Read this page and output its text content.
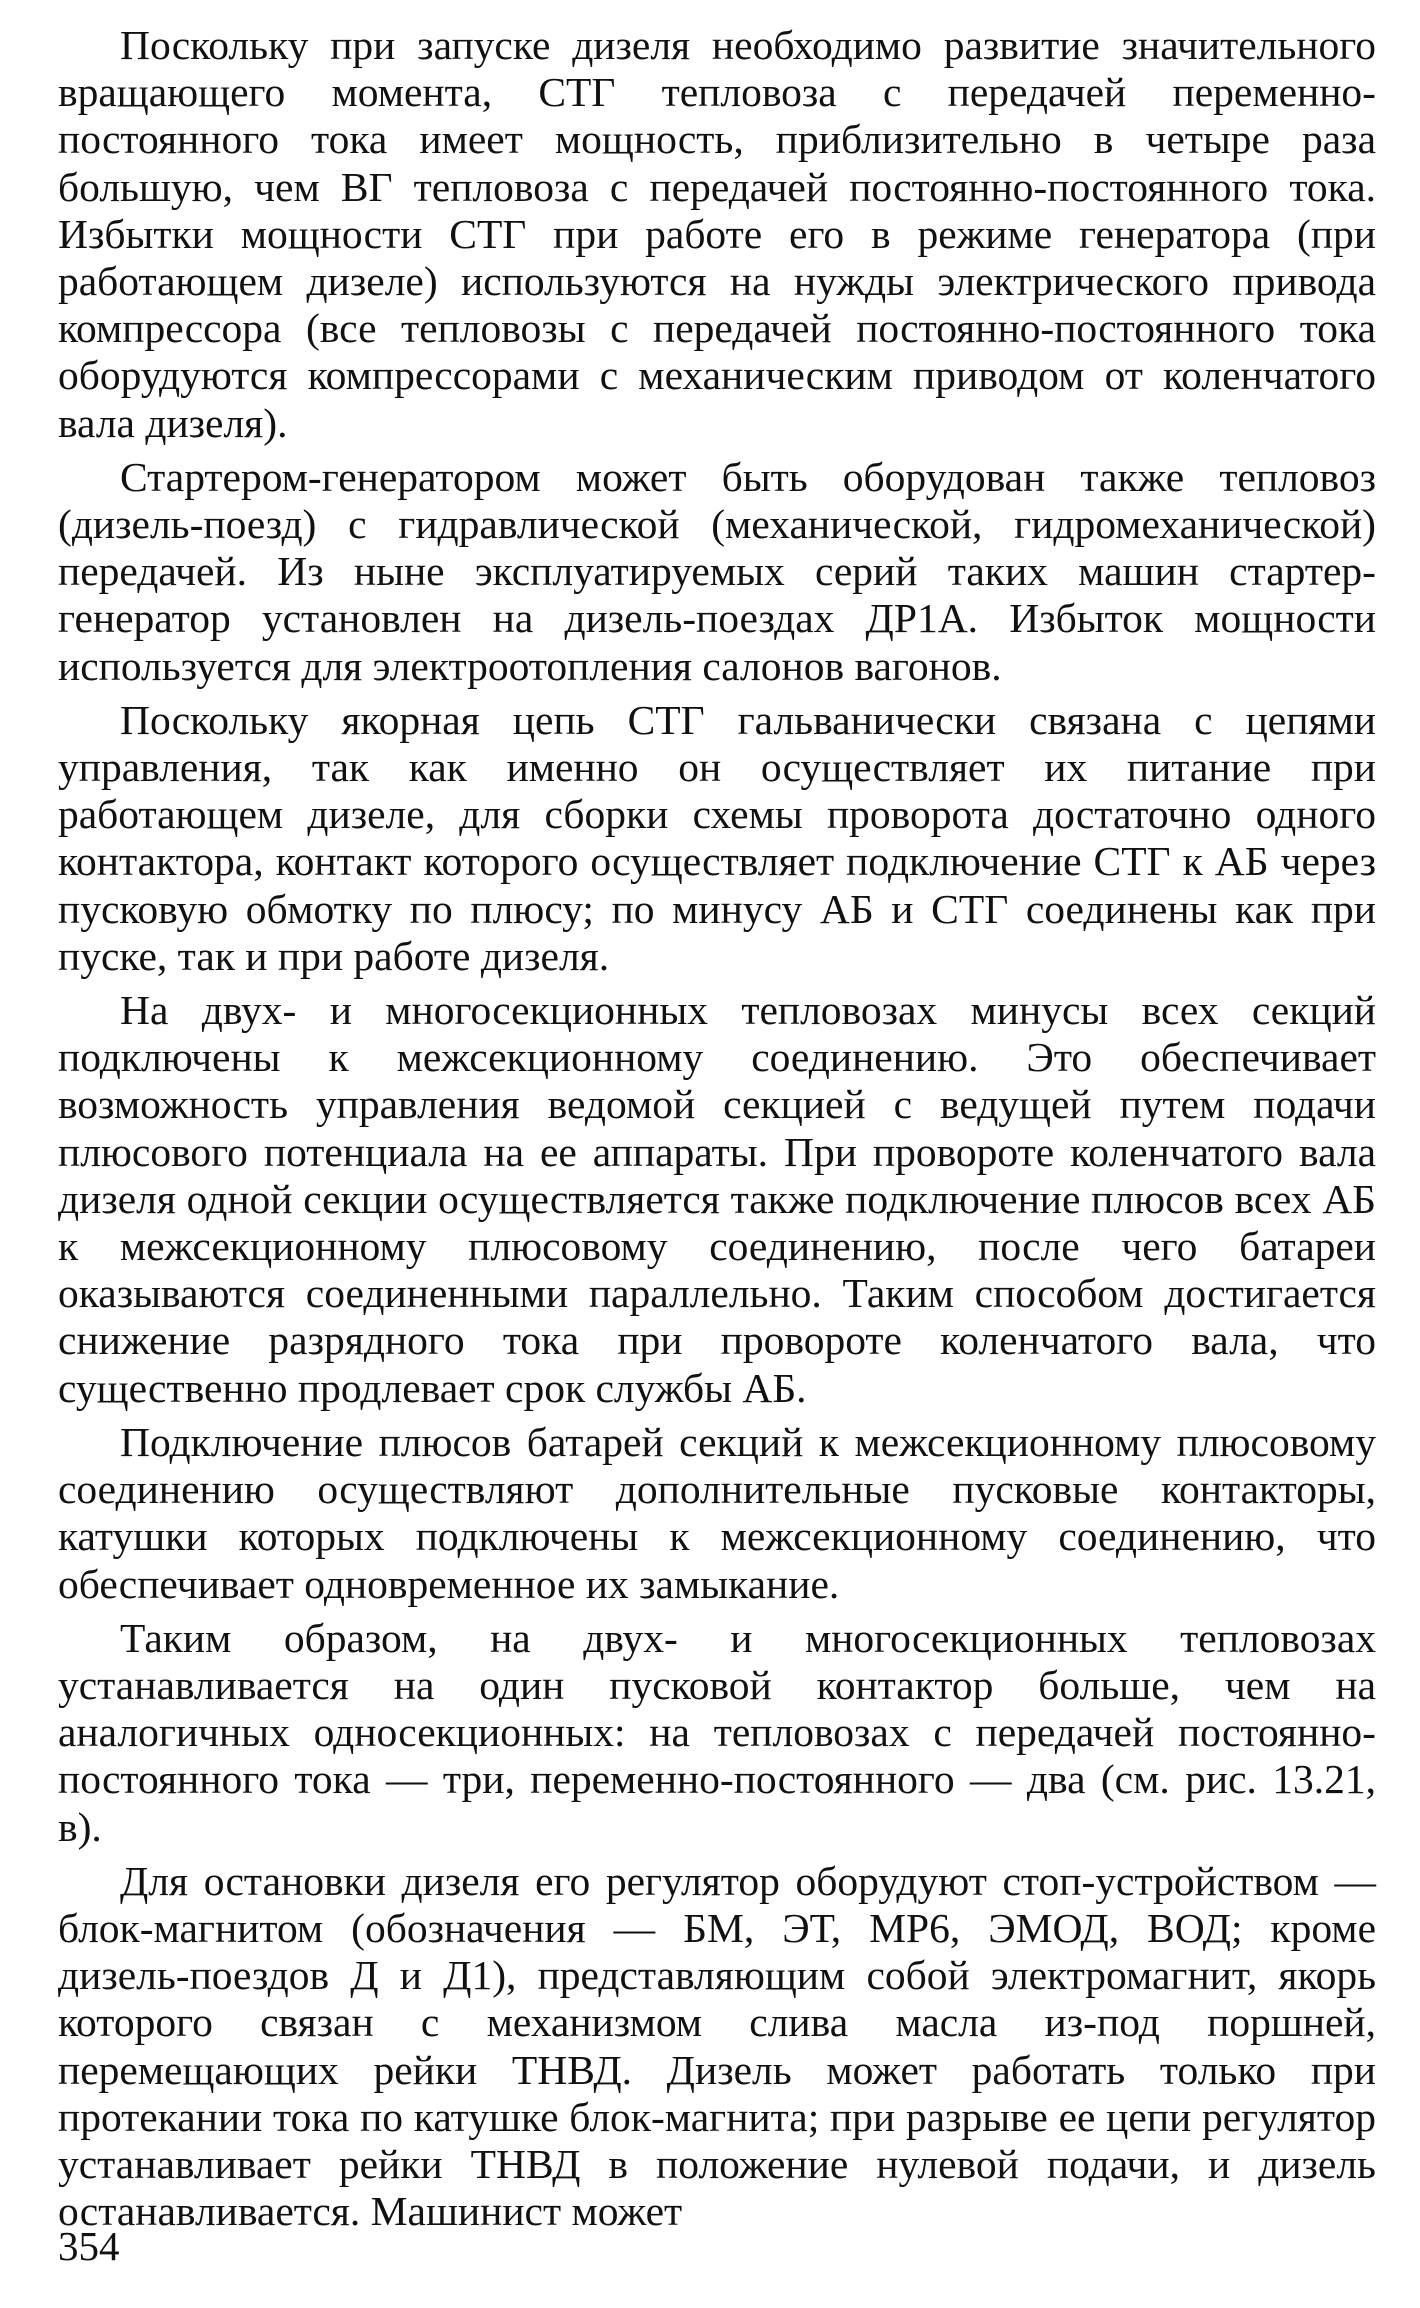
Поскольку при запуске дизеля необходимо развитие значительного вращающего момента, СТГ тепловоза с передачей переменно-постоянного тока имеет мощность, приблизительно в четыре раза большую, чем ВГ тепловоза с передачей постоянно-постоянного тока. Избытки мощности СТГ при работе его в режиме генератора (при работающем дизеле) используются на нужды электрического привода компрессора (все тепловозы с передачей постоянно-постоянного тока оборудуются компрессорами с механическим приводом от коленчатого вала дизеля).

Стартером-генератором может быть оборудован также тепловоз (дизель-поезд) с гидравлической (механической, гидромеханической) передачей. Из ныне эксплуатируемых серий таких машин стартер-генератор установлен на дизель-поездах ДР1А. Избыток мощности используется для электроотопления салонов вагонов.

Поскольку якорная цепь СТГ гальванически связана с цепями управления, так как именно он осуществляет их питание при работающем дизеле, для сборки схемы проворота достаточно одного контактора, контакт которого осуществляет подключение СТГ к АБ через пусковую обмотку по плюсу; по минусу АБ и СТГ соединены как при пуске, так и при работе дизеля.

На двух- и многосекционных тепловозах минусы всех секций подключены к межсекционному соединению. Это обеспечивает возможность управления ведомой секцией с ведущей путем подачи плюсового потенциала на ее аппараты. При провороте коленчатого вала дизеля одной секции осуществляется также подключение плюсов всех АБ к межсекционному плюсовому соединению, после чего батареи оказываются соединенными параллельно. Таким способом достигается снижение разрядного тока при провороте коленчатого вала, что существенно продлевает срок службы АБ.

Подключение плюсов батарей секций к межсекционному плюсовому соединению осуществляют дополнительные пусковые контакторы, катушки которых подключены к межсекционному соединению, что обеспечивает одновременное их замыкание.

Таким образом, на двух- и многосекционных тепловозах устанавливается на один пусковой контактор больше, чем на аналогичных односекционных: на тепловозах с передачей постоянно-постоянного тока — три, переменно-постоянного — два (см. рис. 13.21, в).

Для остановки дизеля его регулятор оборудуют стоп-устройством — блок-магнитом (обозначения — БМ, ЭТ, МР6, ЭМОД, ВОД; кроме дизель-поездов Д и Д1), представляющим собой электромагнит, якорь которого связан с механизмом слива масла из-под поршней, перемещающих рейки ТНВД. Дизель может работать только при протекании тока по катушке блок-магнита; при разрыве ее цепи регулятор устанавливает рейки ТНВД в положение нулевой подачи, и дизель останавливается. Машинист может

354
